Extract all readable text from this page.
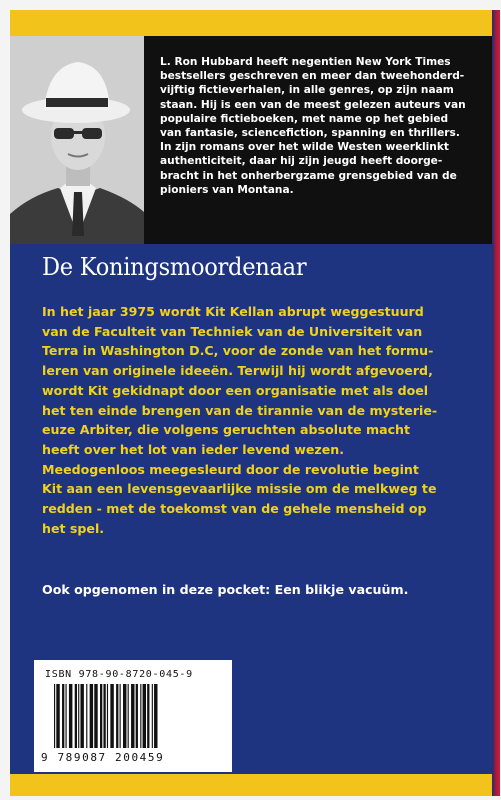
L. Ron Hubbard heeft negentien New York Times
bestsellers geschreven en meer dan tweehonderd-
vijftig fictieverhalen, in alle genres, op zijn naam
staan. Hij is een van de meest gelezen auteurs van
populaire fictieboeken, met name op het gebied
van fantasie, sciencefiction, spanning en thrillers.
In zijn romans over het wilde Westen weerklinkt
authenticiteit, daar hij zijn jeugd heeft doorge-
bracht in het onherbergzame grensgebied van de
pioniers van Montana.
De Koningsmoordenaar

In het jaar 3975 wordt Kit Kellan abrupt weggestuurd
van de Faculteit van Techniek van de Universiteit van
Terra in Washington D.C, voor de zonde van het formu-
leren van originele ideeën. Terwijl hij wordt afgevoerd,
wordt Kit gekidnapt door een organisatie met als doel
het ten einde brengen van de tirannie van de mysterie-
euze Arbiter, die volgens geruchten absolute macht
heeft over het lot van ieder levend wezen.

Meedogenloos meegesleurd door de revolutie begint
Kit aan een levensgevaarlijke missie om de melkweg te
redden - met de toekomst van de gehele mensheid op
het spel.

Ook opgenomen in deze pocket: Een blikje vacuüm.

ISBN 978-90-8720-045-9

9 789087 200459
